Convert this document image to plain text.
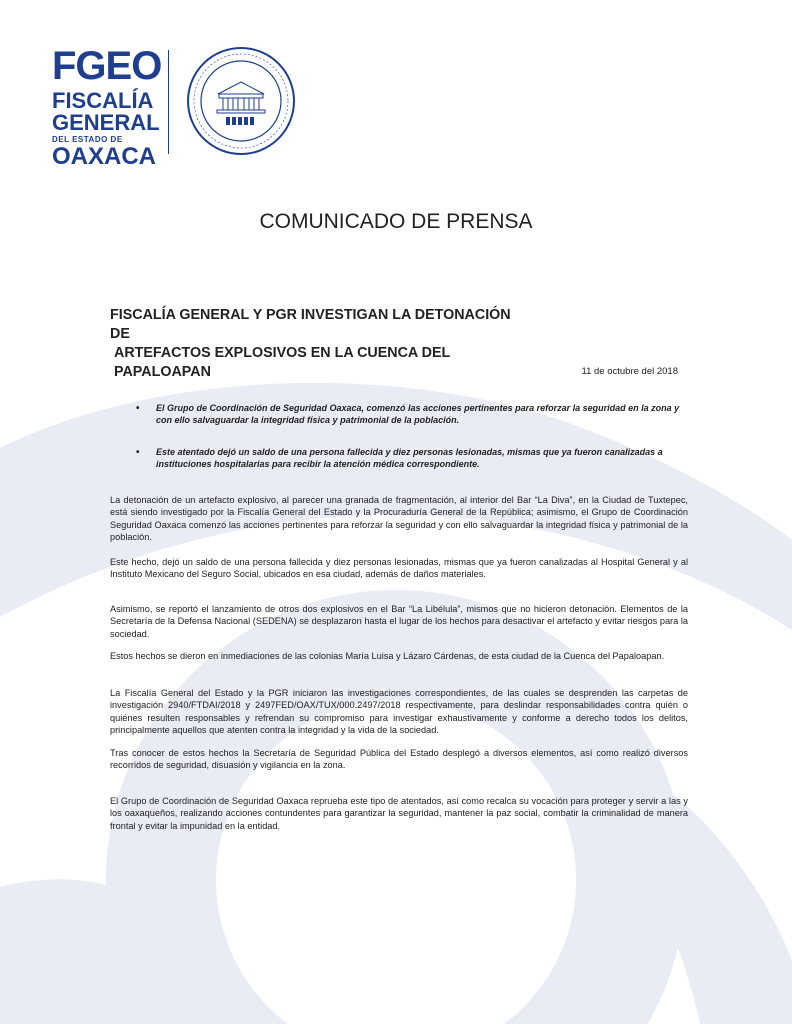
FGEO
FISCALÍA
GENERAL
DEL ESTADO DE
OAXACA
COMUNICADO DE PRENSA
FISCALÍA GENERAL Y PGR INVESTIGAN LA DETONACIÓN DE
ARTEFACTOS EXPLOSIVOS EN LA CUENCA DEL PAPALOAPAN	11 de octubre del 2018
• El Grupo de Coordinación de Seguridad Oaxaca, comenzó las acciones pertinentes para reforzar la seguridad en la zona y con ello salvaguardar la integridad física y patrimonial de la población.
• Este atentado dejó un saldo de una persona fallecida y diez personas lesionadas, mismas que ya fueron canalizadas a instituciones hospitalarias para recibir la atención médica correspondiente.

La detonación de un artefacto explosivo, al parecer una granada de fragmentación, al interior del Bar “La Diva”, en la Ciudad de Tuxtepec, está siendo investigado por la Fiscalía General del Estado y la Procuraduría General de la República; asimismo, el Grupo de Coordinación Seguridad Oaxaca comenzó las acciones pertinentes para reforzar la seguridad y con ello salvaguardar la integridad física y patrimonial de la población.

Este hecho, dejó un saldo de una persona fallecida y diez personas lesionadas, mismas que ya fueron canalizadas al Hospital General y al Instituto Mexicano del Seguro Social, ubicados en esa ciudad, además de daños materiales.

Asimismo, se reportó el lanzamiento de otros dos explosivos en el Bar “La Libélula”, mismos que no hicieron detonación. Elementos de la Secretaría de la Defensa Nacional (SEDENA) se desplazaron hasta el lugar de los hechos para desactivar el artefacto y evitar riesgos para la sociedad.

Estos hechos se dieron en inmediaciones de las colonias María Luisa y Lázaro Cárdenas, de esta ciudad de la Cuenca del Papaloapan.

La Fiscalía General del Estado y la PGR iniciaron las investigaciones correspondientes, de las cuales se desprenden las carpetas de investigación 2940/FTDAI/2018 y 2497FED/OAX/TUX/000.2497/2018 respectivamente, para deslindar responsabilidades contra quién o quiénes resulten responsables y refrendan su compromiso para investigar exhaustivamente y conforme a derecho todos los delitos, principalmente aquellos que atenten contra la integridad y la vida de la sociedad.

Tras conocer de estos hechos la Secretaría de Seguridad Pública del Estado desplegó a diversos elementos, así como realizó diversos recorridos de seguridad, disuasión y vigilancia en la zona.

El Grupo de Coordinación de Seguridad Oaxaca reprueba este tipo de atentados, así como recalca su vocación para proteger y servir a las y los oaxaqueños, realizando acciones contundentes para garantizar la seguridad, mantener la paz social, combatir la criminalidad de manera frontal y evitar la impunidad en la entidad.
